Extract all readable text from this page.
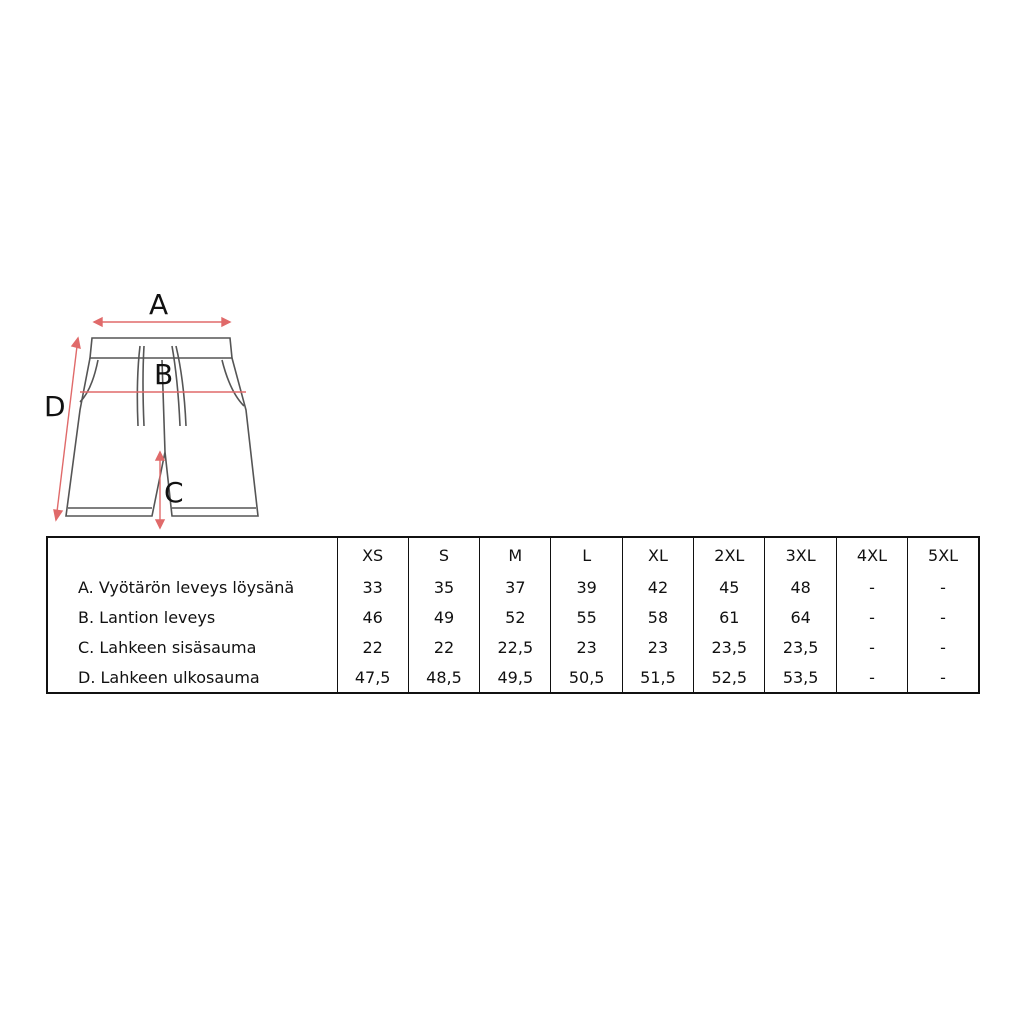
A
B
C
D
	XS	S	M	L	XL	2XL	3XL	4XL	5XL
A. Vyötärön leveys löysänä	33	35	37	39	42	45	48	-	-
B. Lantion leveys	46	49	52	55	58	61	64	-	-
C. Lahkeen sisäsauma	22	22	22,5	23	23	23,5	23,5	-	-
D. Lahkeen ulkosauma	47,5	48,5	49,5	50,5	51,5	52,5	53,5	-	-
